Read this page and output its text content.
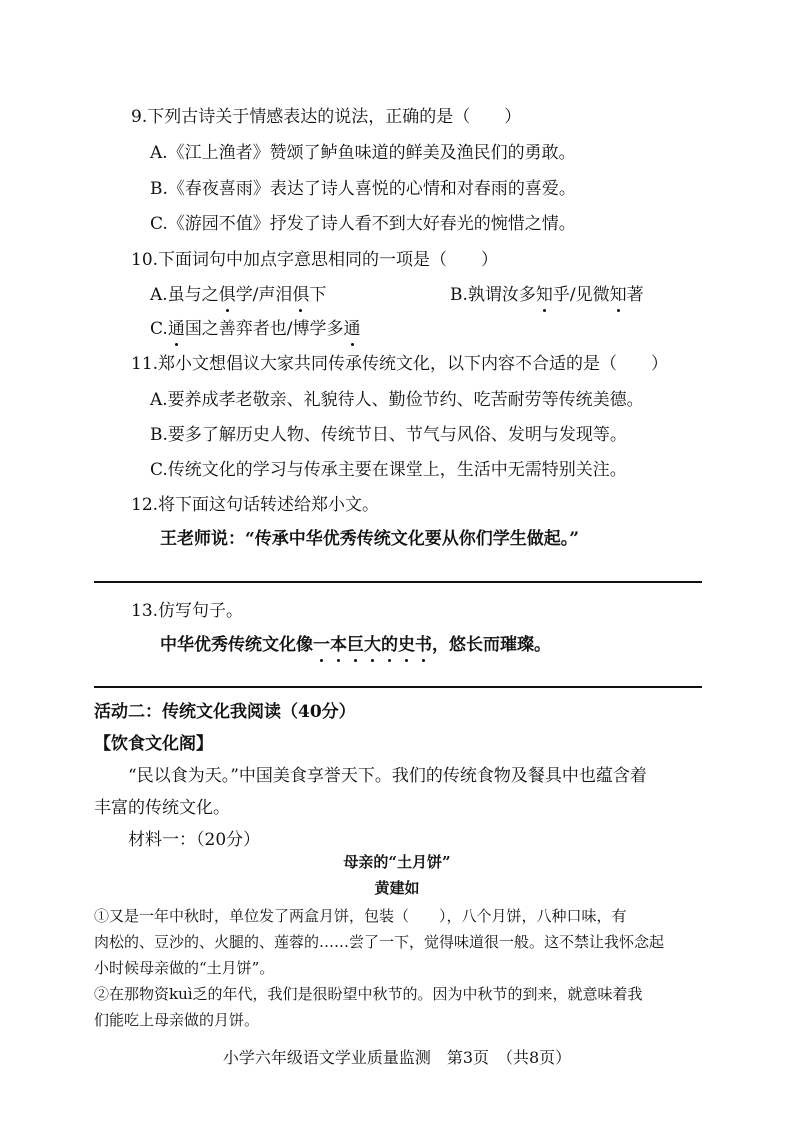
9.下列古诗关于情感表达的说法，正确的是（　　）
A.《江上渔者》赞颂了鲈鱼味道的鲜美及渔民们的勇敢。
B.《春夜喜雨》表达了诗人喜悦的心情和对春雨的喜爱。
C.《游园不值》抒发了诗人看不到大好春光的惋惜之情。
10.下面词句中加点字意思相同的一项是（　　）
A.虽与之俱学/声泪俱下	B.孰谓汝多知乎/见微知著
C.通国之善弈者也/博学多通
11.郑小文想倡议大家共同传承传统文化，以下内容不合适的是（　　）
A.要养成孝老敬亲、礼貌待人、勤俭节约、吃苦耐劳等传统美德。
B.要多了解历史人物、传统节日、节气与风俗、发明与发现等。
C.传统文化的学习与传承主要在课堂上，生活中无需特别关注。
12.将下面这句话转述给郑小文。
王老师说：“传承中华优秀传统文化要从你们学生做起。”
13.仿写句子。
中华优秀传统文化像一本巨大的史书，悠长而璀璨。
活动二：传统文化我阅读（40分）
【饮食文化阁】
“民以食为天。”中国美食享誉天下。我们的传统食物及餐具中也蕴含着
丰富的传统文化。
材料一：（20分）
母亲的“土月饼”
黄建如
①又是一年中秋时，单位发了两盒月饼，包装（　　），八个月饼，八种口味，有
肉松的、豆沙的、火腿的、莲蓉的……尝了一下，觉得味道很一般。这不禁让我怀念起
小时候母亲做的“土月饼”。
②在那物资kuì乏的年代，我们是很盼望中秋节的。因为中秋节的到来，就意味着我
们能吃上母亲做的月饼。
小学六年级语文学业质量监测　第3页　（共8页）
